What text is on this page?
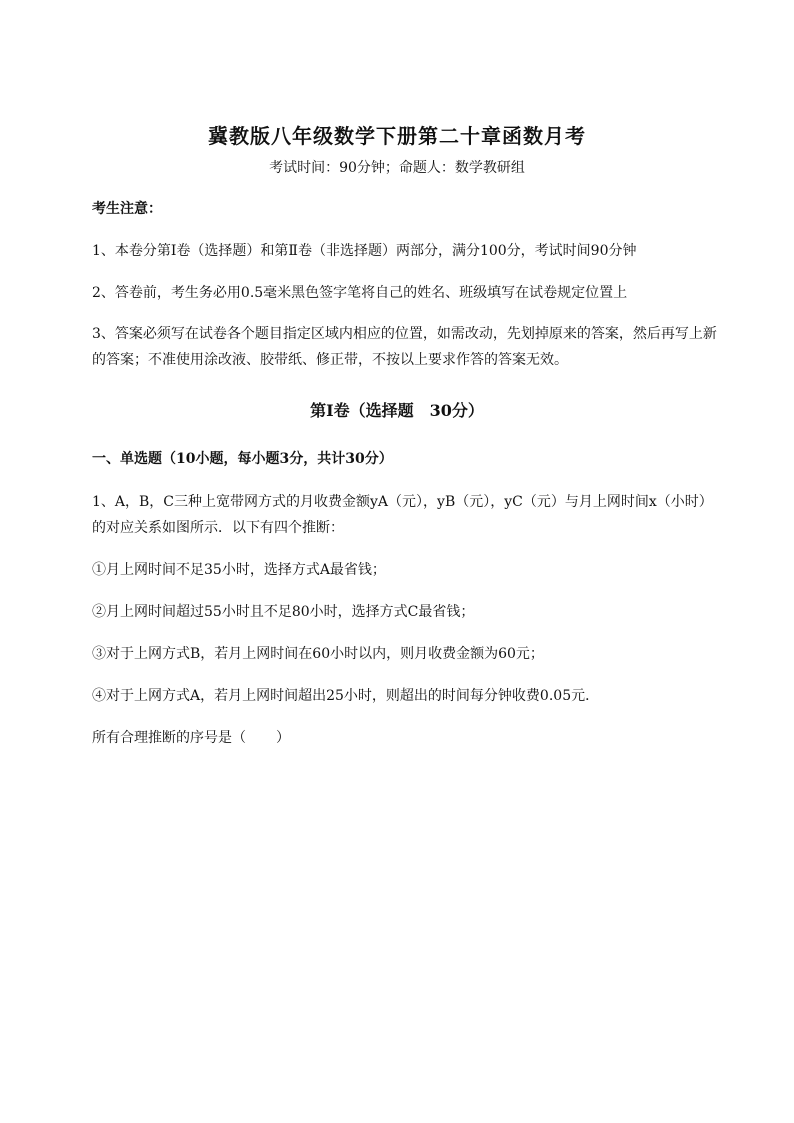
冀教版八年级数学下册第二十章函数月考
考试时间：90分钟；命题人：数学教研组
考生注意：
1、本卷分第I卷（选择题）和第Ⅱ卷（非选择题）两部分，满分100分，考试时间90分钟
2、答卷前，考生务必用0.5毫米黑色签字笔将自己的姓名、班级填写在试卷规定位置上
3、答案必须写在试卷各个题目指定区域内相应的位置，如需改动，先划掉原来的答案，然后再写上新
的答案；不准使用涂改液、胶带纸、修正带，不按以上要求作答的答案无效。
第I卷（选择题　30分）
一、单选题（10小题，每小题3分，共计30分）
1、A，B，C三种上宽带网方式的月收费金额yA（元），yB（元），yC（元）与月上网时间x（小时）
的对应关系如图所示．以下有四个推断：
①月上网时间不足35小时，选择方式A最省钱；
②月上网时间超过55小时且不足80小时，选择方式C最省钱；
③对于上网方式B，若月上网时间在60小时以内，则月收费金额为60元；
④对于上网方式A，若月上网时间超出25小时，则超出的时间每分钟收费0.05元．
所有合理推断的序号是（ ）
